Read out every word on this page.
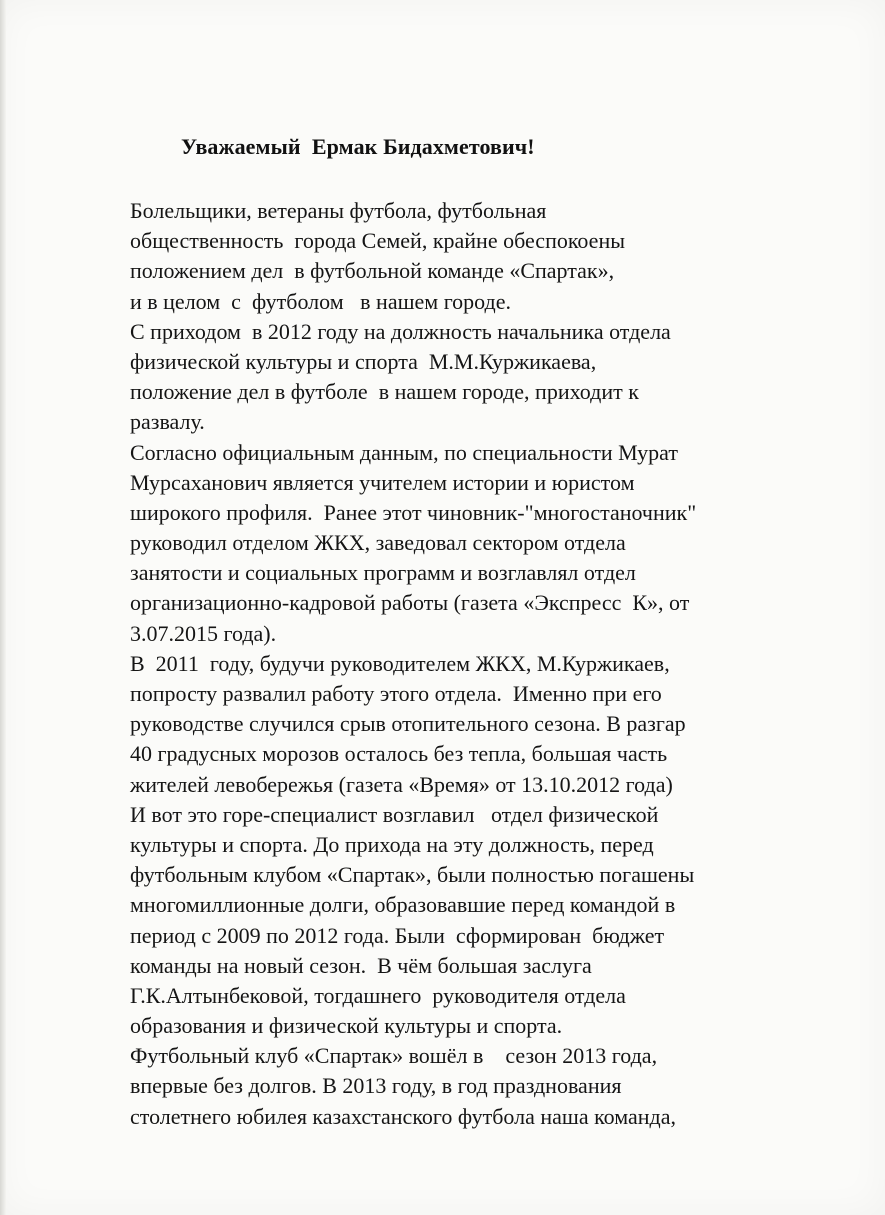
Уважаемый  Ермак Бидахметович!
Болельщики, ветераны футбола, футбольная
общественность  города Семей, крайне обеспокоены
положением дел  в футбольной команде «Спартак»,
и в целом  с  футболом   в нашем городе.
С приходом  в 2012 году на должность начальника отдела
физической культуры и спорта  М.М.Куржикаева,
положение дел в футболе  в нашем городе, приходит к
развалу.
Согласно официальным данным, по специальности Мурат
Мурсаханович является учителем истории и юристом
широкого профиля.  Ранее этот чиновник-"многостаночник"
руководил отделом ЖКХ, заведовал сектором отдела
занятости и социальных программ и возглавлял отдел
организационно-кадровой работы (газета «Экспресс  К», от
3.07.2015 года).
В  2011  году, будучи руководителем ЖКХ, М.Куржикаев,
попросту развалил работу этого отдела.  Именно при его
руководстве случился срыв отопительного сезона. В разгар
40 градусных морозов осталось без тепла, большая часть
жителей левобережья (газета «Время» от 13.10.2012 года)
И вот это горе-специалист возглавил   отдел физической
культуры и спорта. До прихода на эту должность, перед
футбольным клубом «Спартак», были полностью погашены
многомиллионные долги, образовавшие перед командой в
период с 2009 по 2012 года. Были  сформирован  бюджет
команды на новый сезон.  В чём большая заслуга
Г.К.Алтынбековой, тогдашнего  руководителя отдела
образования и физической культуры и спорта.
Футбольный клуб «Спартак» вошёл в    сезон 2013 года,
впервые без долгов. В 2013 году, в год празднования
столетнего юбилея казахстанского футбола наша команда,
